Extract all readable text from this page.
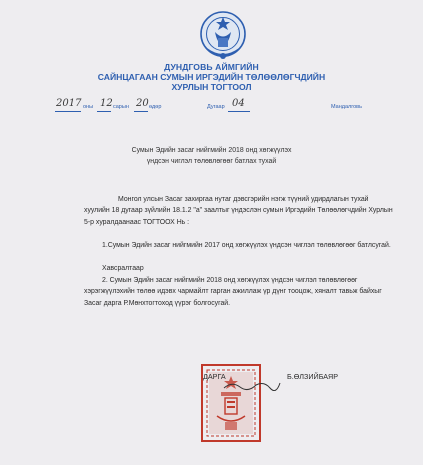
ДУНДГОВЬ АЙМГИЙН
САЙНЦАГААН СУМЫН ИРГЭДИЙН ТӨЛӨӨЛӨГЧДИЙН
ХУРЛЫН ТОГТООЛ
2017 оны 12 сарын 20 өдөр	Дугаар 04	Мандалговь
Сумын Эдийн засаг нийгмийн 2018 онд хөгжүүлэх
үндсэн чиглэл төлөвлөгөөг батлах тухай
Монгол улсын Засаг захиргаа нутаг дэвсгэрийн нэгж түүний удирдлагын тухай хуулийн 18 дугаар зүйлийн 18.1.2 "а" заалтыг үндэслэн сумын Иргэдийн Төлөөлөгчдийн Хурлын 5-р хуралдаанаас ТОГТООХ Нь :
1.Сумын Эдийн засаг нийгмийн 2017 онд хөгжүүлэх үндсэн чиглэл төлөвлөгөөг батлсугай.
Хавсралтаар
2. Сумын Эдийн засаг нийгмийн 2018 онд хөгжүүлэх үндсэн чиглэл төлөвлөгөөг хэрэгжүүлэхийн төлөө идэвх чармайлт гарган ажиллаж үр дүнг тооцож, хяналт тавьж байхыг Засаг дарга Р.Мөнхтогтоход үүрэг болгосугай.
ДАРГА	Б.ӨЛЗИЙБАЯР
